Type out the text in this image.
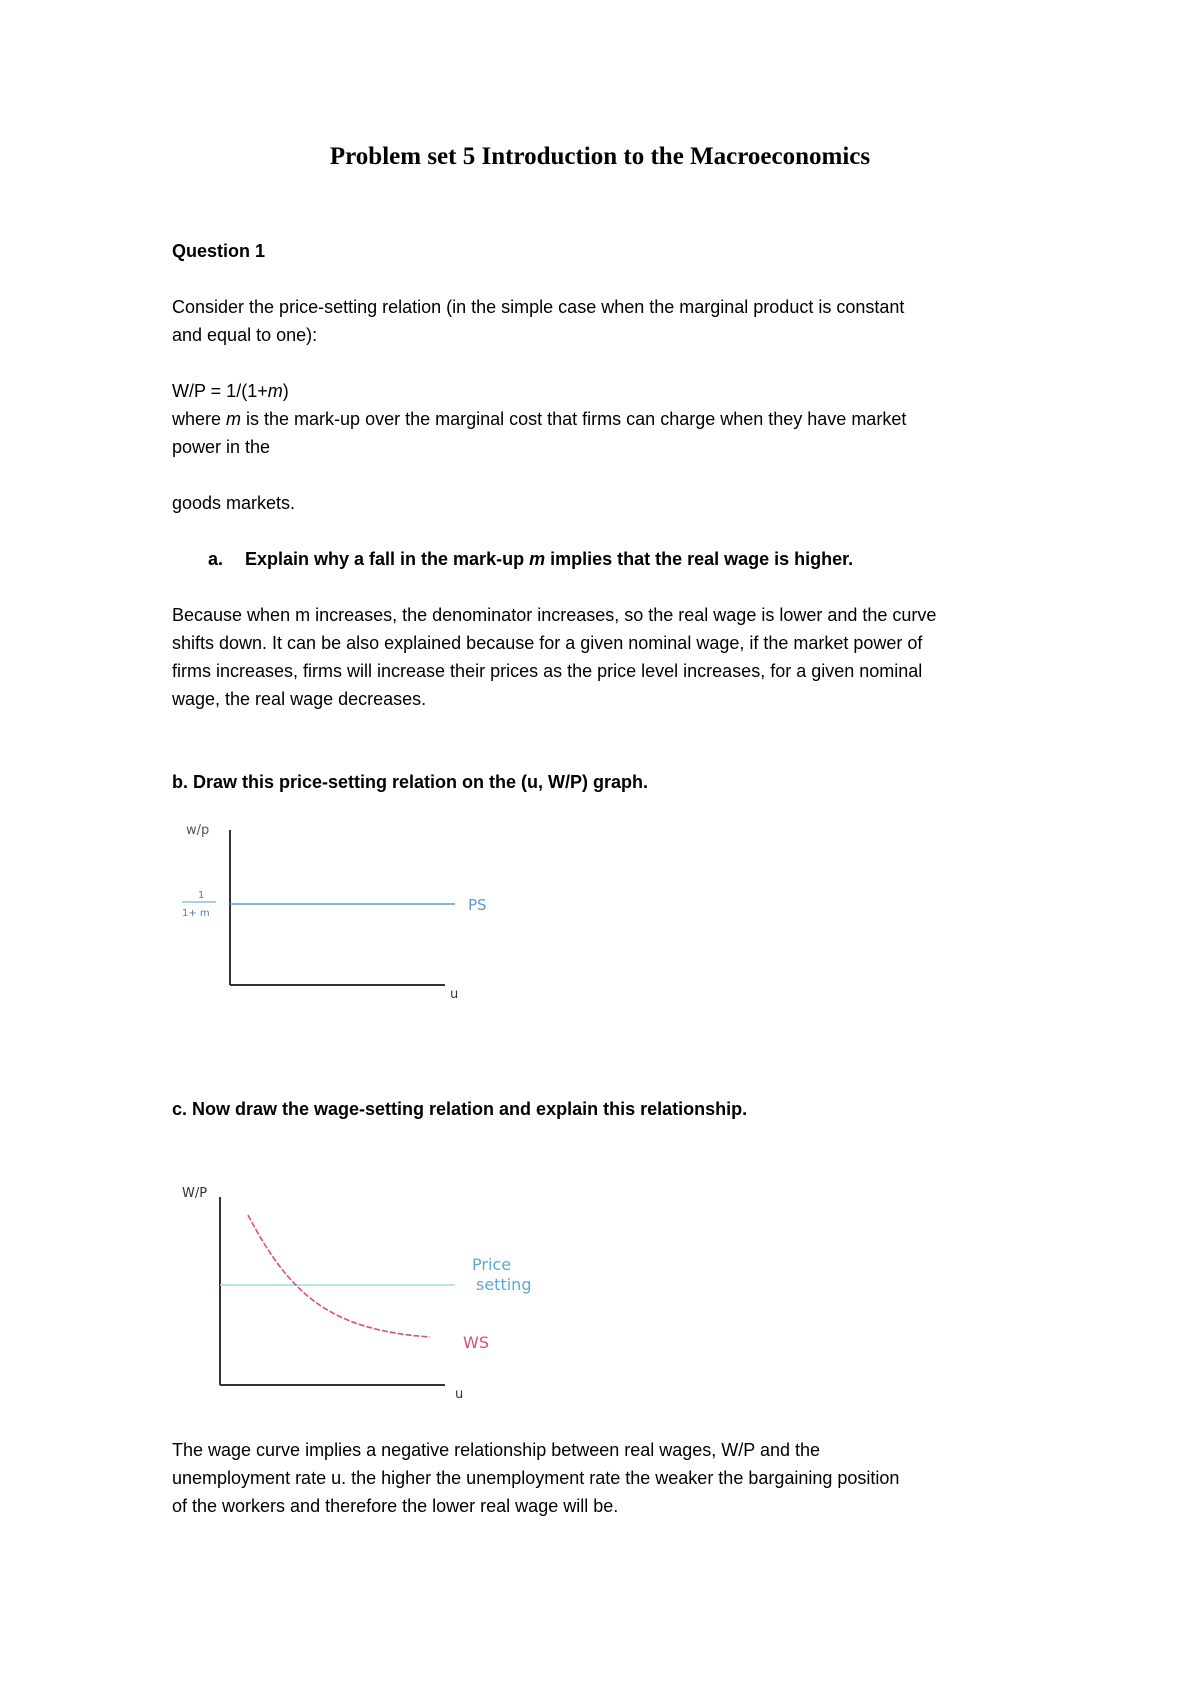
Problem set 5 Introduction to the Macroeconomics
Question 1
Consider the price-setting relation (in the simple case when the marginal product is constant
and equal to one):
W/P = 1/(1+m)
where m is the mark-up over the marginal cost that firms can charge when they have market
power in the
goods markets.
a. Explain why a fall in the mark-up m implies that the real wage is higher.
Because when m increases, the denominator increases, so the real wage is lower and the curve
shifts down. It can be also explained because for a given nominal wage, if the market power of
firms increases, firms will increase their prices as the price level increases, for a given nominal
wage, the real wage decreases.
b. Draw this price-setting relation on the (u, W/P) graph.
w/p
1
1+ m	PS
u
c. Now draw the wage-setting relation and explain this relationship.
W/P
Price
setting
WS
u
The wage curve implies a negative relationship between real wages, W/P and the
unemployment rate u. the higher the unemployment rate the weaker the bargaining position
of the workers and therefore the lower real wage will be.
